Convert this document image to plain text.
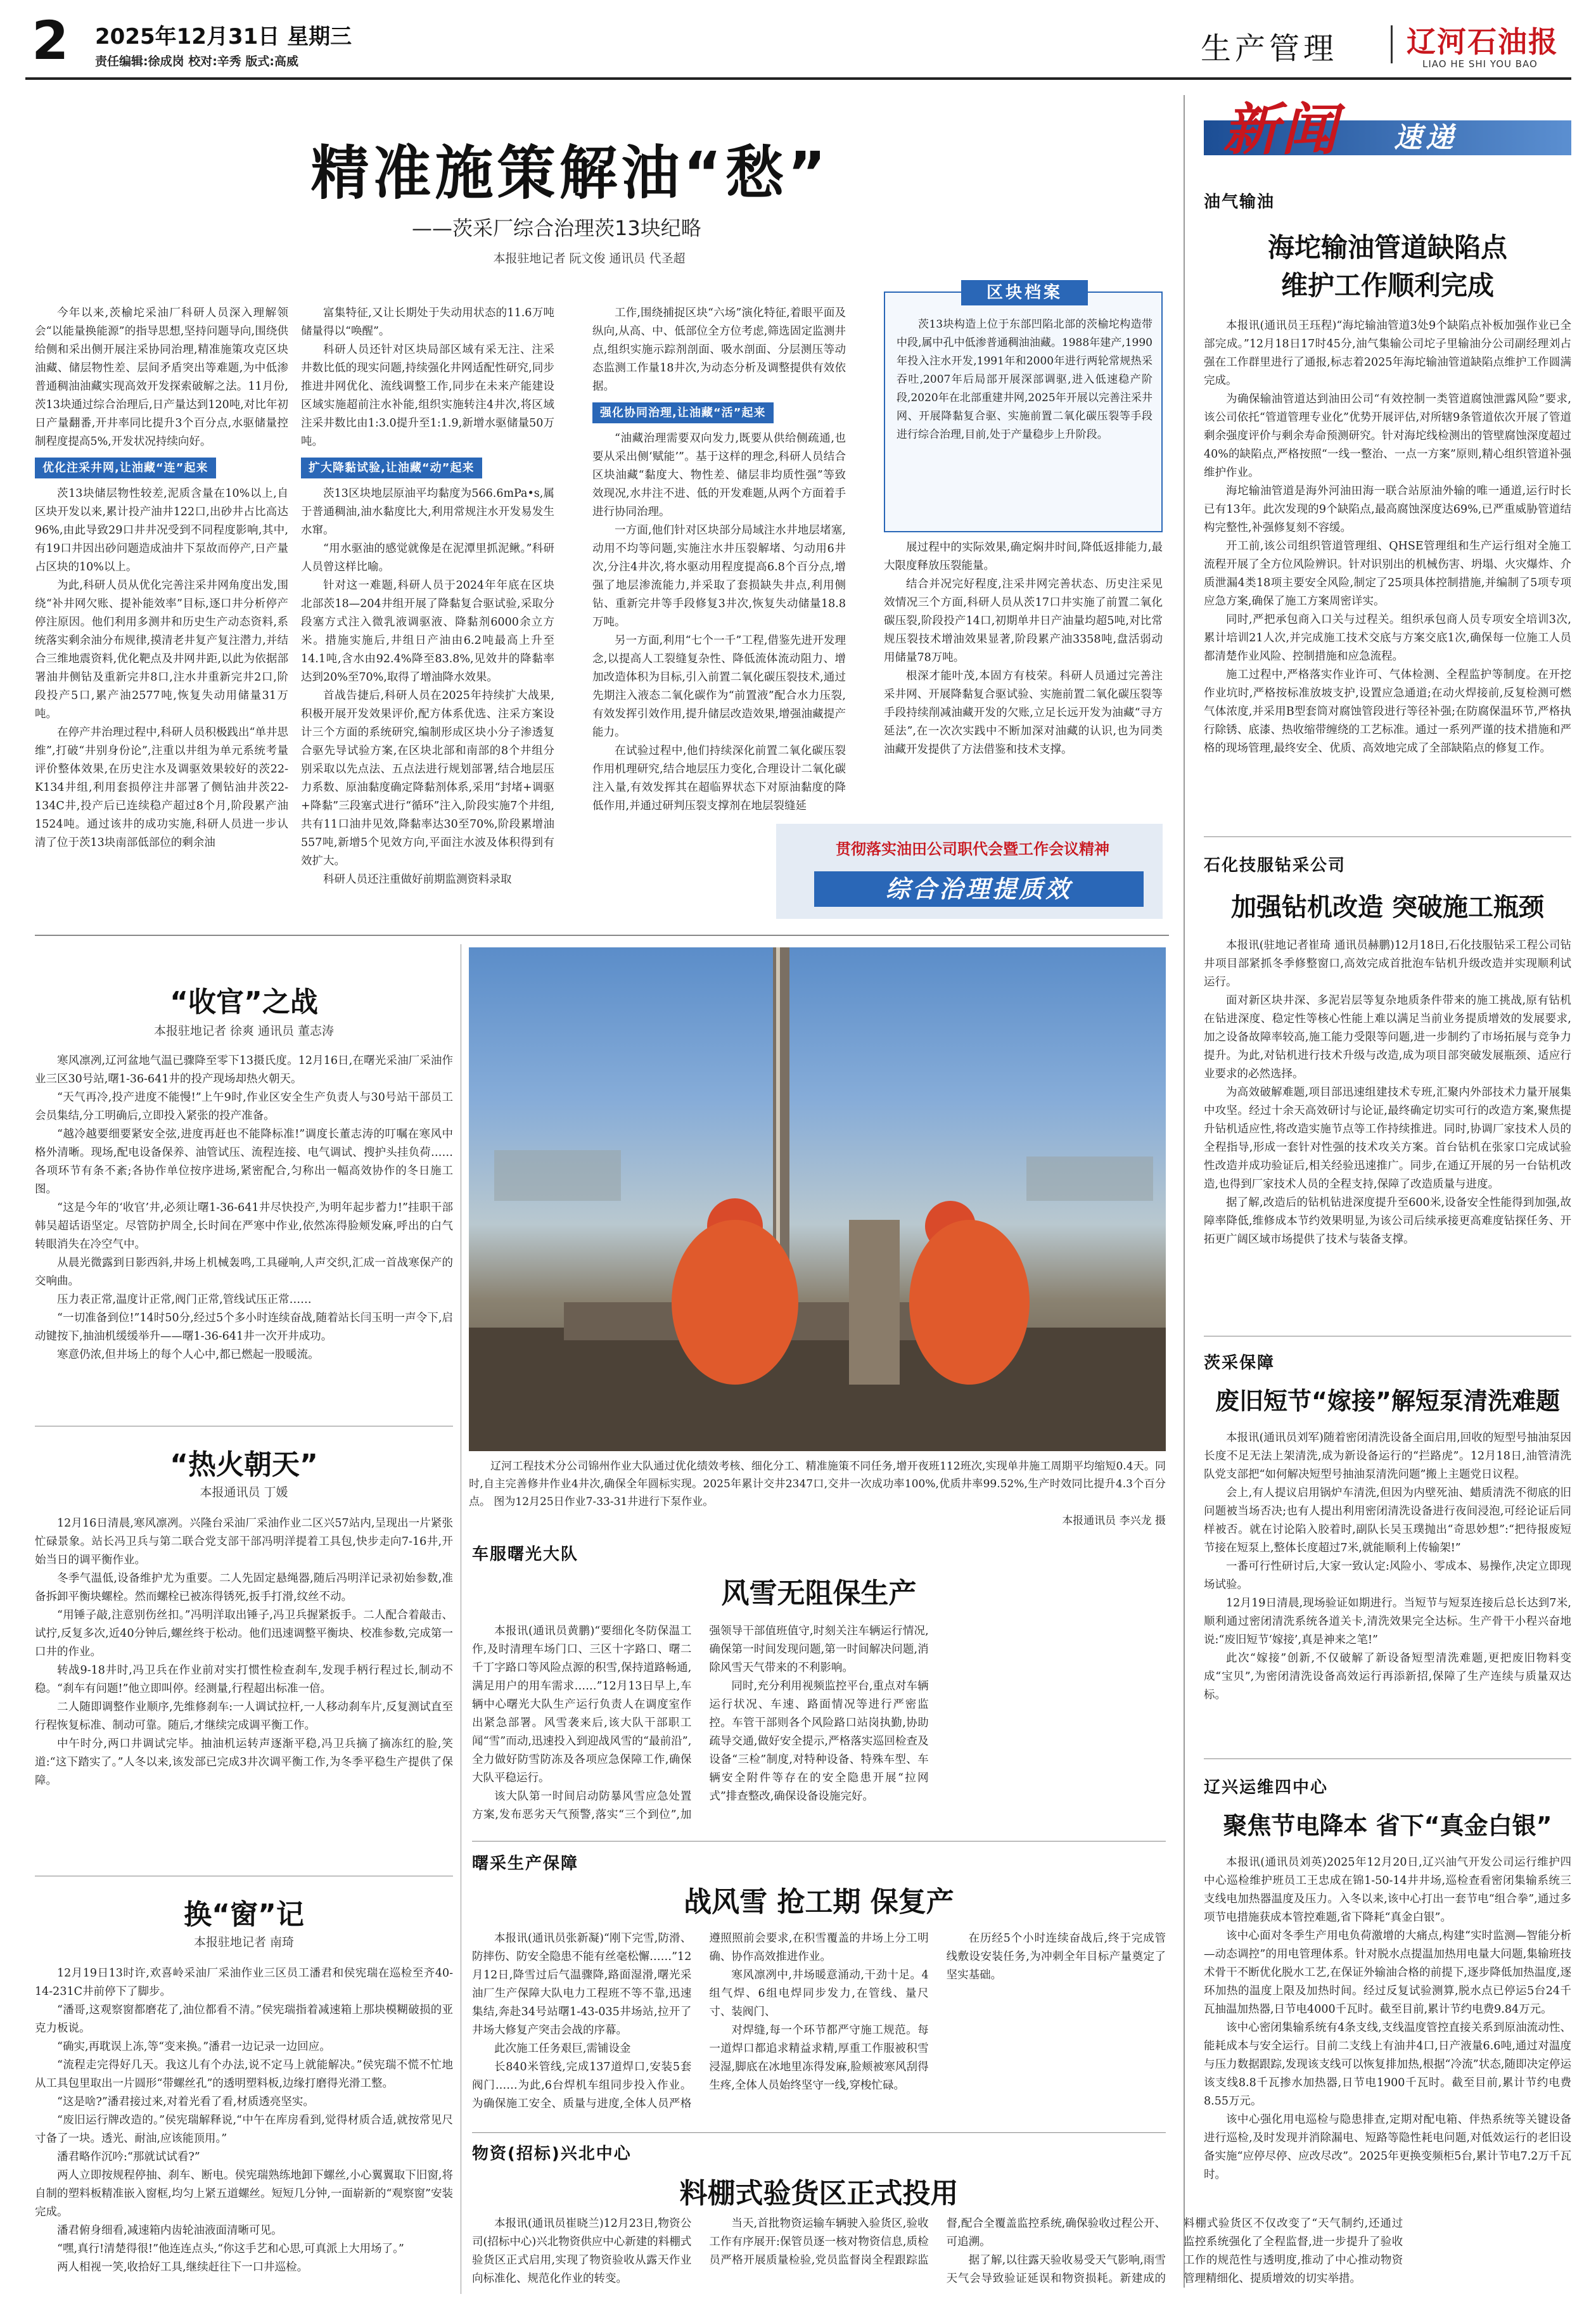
2 2025年12月31日 星期三
责任编辑:徐成岗 校对:辛秀 版式:高威	生产管理 辽河石油报
LIAO HE SHI YOU BAO
精准施策解油“愁”
——茨采厂综合治理茨13块纪略
本报驻地记者 阮文俊 通讯员 代圣超

今年以来,茨榆坨采油厂科研人员深入理解领会“以能量换能源”的指导思想,坚持问题导向,围绕供给侧和采出侧开展注采协同治理,精准施策攻克区块油藏、储层物性差、层间矛盾突出等难题,为中低渗普通稠油油藏实现高效开发探索破解之法。11月份,茨13块通过综合治理后,日产量达到120吨,对比年初日产量翻番,开井率同比提升3个百分点,水驱储量控制程度提高5%,开发状况持续向好。

优化注采井网,让油藏“连”起来

茨13块储层物性较差,泥质含量在10%以上,自区块开发以来,累计投产油井122口,出砂井占比高达96%,由此导致29口井井况受到不同程度影响,其中,有19口井因出砂问题造成油井下泵故而停产,日产量占区块的10%以上。

为此,科研人员从优化完善注采井网角度出发,围绕“补井网欠账、提补能效率”目标,逐口井分析停产停注原因。他们利用多测井和历史生产动态资料,系统落实剩余油分布规律,摸清老井复产复注潜力,并结合三维地震资料,优化靶点及井网井距,以此为依据部署油井侧钻及重新完井8口,注水井重新完井2口,阶段投产5口,累产油2577吨,恢复失动用储量31万吨。

在停产井治理过程中,科研人员积极践出“单井思维”,打破“井别身份论”,注重以井组为单元系统考量评价整体效果,在历史注水及调驱效果较好的茨22-K134井组,利用套损停注井部署了侧钻油井茨22-134C井,投产后已连续稳产超过8个月,阶段累产油1524吨。通过该井的成功实施,科研人员进一步认清了位于茨13块南部低部位的剩余油

富集特征,又让长期处于失动用状态的11.6万吨储量得以“唤醒”。

科研人员还针对区块局部区域有采无注、注采井数比低的现实问题,持续强化井网适配性研究,同步推进井网优化、流线调整工作,同步在未来产能建设区域实施超前注水补能,组织实施转注4井次,将区域注采井数比由1:3.0提升至1:1.9,新增水驱储量50万吨。

扩大降黏试验,让油藏“动”起来

茨13区块地层原油平均黏度为566.6mPa•s,属于普通稠油,油水黏度比大,利用常规注水开发易发生水窜。

“用水驱油的感觉就像是在泥潭里抓泥鳅。”科研人员曾这样比喻。

针对这一难题,科研人员于2024年年底在区块北部茨18—204井组开展了降黏复合驱试验,采取分段塞方式注入微乳液调驱液、降黏剂6000余立方米。措施实施后,井组日产油由6.2吨最高上升至14.1吨,含水由92.4%降至83.8%,见效井的降黏率达到20%至70%,取得了增油降水效果。

首战告捷后,科研人员在2025年持续扩大战果,积极开展开发效果评价,配方体系优选、注采方案设计三个方面的系统研究,编制形成区块小分子渗透复合驱先导试验方案,在区块北部和南部的8个井组分别采取以先点法、五点法进行规划部署,结合地层压力系数、原油黏度确定降黏剂体系,采用“封堵+调驱+降黏”三段塞式进行“循环”注入,阶段实施7个井组,共有11口油井见效,降黏率达30至70%,阶段累增油557吨,新增5个见效方向,平面注水波及体积得到有效扩大。

科研人员还注重做好前期监测资料录取

工作,围绕捕捉区块“六场”演化特征,着眼平面及纵向,从高、中、低部位全方位考虑,筛选固定监测井点,组织实施示踪剂剖面、吸水剖面、分层测压等动态监测工作量18井次,为动态分析及调整提供有效依据。

强化协同治理,让油藏“活”起来

“油藏治理需要双向发力,既要从供给侧疏通,也要从采出侧‘赋能’”。基于这样的理念,科研人员结合区块油藏“黏度大、物性差、储层非均质性强”等致效现况,水井注不进、低的开发难题,从两个方面着手进行协同治理。

一方面,他们针对区块部分局域注水井地层堵塞,动用不均等问题,实施注水井压裂解堵、匀动用6井次,分注4井次,将水驱动用程度提高6.8个百分点,增强了地层渗流能力,并采取了套损缺失井点,利用侧钻、重新完井等手段修复3井次,恢复失动储量18.8万吨。

另一方面,利用“七个一千”工程,借鉴先进开发理念,以提高人工裂缝复杂性、降低流体流动阻力、增加改造体积为目标,引入前置二氧化碳压裂技术,通过先期注入液态二氧化碳作为“前置液”配合水力压裂,有效发挥引效作用,提升储层改造效果,增强油藏提产能力。

在试验过程中,他们持续深化前置二氧化碳压裂作用机理研究,结合地层压力变化,合理设计二氧化碳注入量,有效发挥其在超临界状态下对原油黏度的降低作用,并通过研判压裂支撑剂在地层裂缝延

区块档案
茨13块构造上位于东部凹陷北部的茨榆坨构造带中段,属中孔中低渗普通稠油油藏。1988年建产,1990年投入注水开发,1991年和2000年进行两轮常规热采吞吐,2007年后局部开展深部调驱,进入低速稳产阶段,2020年在北部重建井网,2025年开展以完善注采井网、开展降黏复合驱、实施前置二氧化碳压裂等手段进行综合治理,目前,处于产量稳步上升阶段。

展过程中的实际效果,确定焖井时间,降低返排能力,最大限度释放压裂能量。

结合并况完好程度,注采井网完善状态、历史注采见效情况三个方面,科研人员从茨17口井实施了前置二氧化碳压裂,阶段投产14口,初期单井日产油量均超5吨,对比常规压裂技术增油效果显著,阶段累产油3358吨,盘活弱动用储量78万吨。

根深才能叶茂,本固方有枝荣。科研人员通过完善注采井网、开展降黏复合驱试验、实施前置二氧化碳压裂等手段持续削减油藏开发的欠账,立足长远开发为油藏“寻方延法”,在一次次实践中不断加深对油藏的认识,也为同类油藏开发提供了方法借鉴和技术支撑。

贯彻落实油田公司职代会暨工作会议精神
综合治理提质效
辽河工程技术分公司锦州作业大队通过优化绩效考核、细化分工、精准施策不同任务,增开夜班112班次,实现单井施工周期平均缩短0.4天。同时,自主完善修井作业4井次,确保全年圆标实现。2025年累计交井2347口,交井一次成功率100%,优质井率99.52%,生产时效同比提升4.3个百分点。 图为12月25日作业7-33-31井进行下泵作业。
本报通讯员 李兴龙 摄
“收官”之战
本报驻地记者 徐爽 通讯员 董志涛

寒风凛冽,辽河盆地气温已骤降至零下13摄氏度。12月16日,在曙光采油厂采油作业三区30号站,曙1-36-641井的投产现场却热火朝天。

“天气再冷,投产进度不能慢!”上午9时,作业区安全生产负责人与30号站干部员工会员集结,分工明确后,立即投入紧张的投产准备。

“越冷越要细要紧安全弦,进度再赶也不能降标准!”调度长董志涛的叮嘱在寒风中格外清晰。现场,配电设备保养、油管试压、流程连接、电气调试、搜护头挂负荷……各项环节有条不紊;各协作单位按序进场,紧密配合,匀称出一幅高效协作的冬日施工图。

“这是今年的‘收官’井,必须让曙1-36-641井尽快投产,为明年起步蓄力!”挂职干部韩吴超话语坚定。尽管防护周全,长时间在严寒中作业,依然冻得脸颊发麻,呼出的白气转眼消失在冷空气中。

从晨光微露到日影西斜,井场上机械轰鸣,工具碰响,人声交织,汇成一首战寒保产的交响曲。

压力表正常,温度计正常,阀门正常,管线试压正常……

“一切准备到位!”14时50分,经过5个多小时连续奋战,随着站长闫玉明一声令下,启动键按下,抽油机缓缓举升——曙1-36-641井一次开井成功。

寒意仍浓,但井场上的每个人心中,都已燃起一股暖流。

“热火朝天”
本报通讯员 丁媛

12月16日清晨,寒风凛冽。兴隆台采油厂采油作业二区兴57站内,呈现出一片紧张忙碌景象。站长冯卫兵与第二联合党支部干部冯明洋提着工具包,快步走向7-16井,开始当日的调平衡作业。

冬季气温低,设备维护尤为重要。二人先固定悬绳器,随后冯明洋记录初始参数,准备拆卸平衡块螺栓。然而螺栓已被冻得锈死,扳手打滑,纹丝不动。

“用锤子敲,注意别伤丝扣。”冯明洋取出锤子,冯卫兵握紧扳手。二人配合着敲击、试拧,反复多次,近40分钟后,螺丝终于松动。他们迅速调整平衡块、校准参数,完成第一口井的作业。

转战9-18井时,冯卫兵在作业前对实打惯性检查刹车,发现手柄行程过长,制动不稳。“刹车有问题!”他立即叫停。经测量,行程超出标准一倍。

二人随即调整作业顺序,先维修刹车:一人调试拉杆,一人移动刹车片,反复测试直至行程恢复标准、制动可靠。随后,才继续完成调平衡工作。

中午时分,两口井调试完毕。抽油机运转声逐渐平稳,冯卫兵摘了摘冻红的脸,笑道:“这下踏实了。”人冬以来,该发部已完成3井次调平衡工作,为冬季平稳生产提供了保障。

换“窗”记
本报驻地记者 南琦

12月19日13时许,欢喜岭采油厂采油作业三区员工潘君和侯宪瑞在巡检至齐40-14-231C井前停下了脚步。

“潘哥,这观察窗都磨花了,油位都看不清。”侯宪瑞指着减速箱上那块模糊破损的亚克力板说。

“确实,再耽误上冻,等“变来换。”潘君一边记录一边回应。

“流程走完得好几天。我这儿有个办法,说不定马上就能解决。”侯宪瑞不慌不忙地从工具包里取出一片圆形“带螺丝孔”的透明塑料板,边缘打磨得光滑工整。

“这是啥?”潘君接过来,对着光看了看,材质透亮坚实。

“废旧运行牌改造的。”侯宪瑞解释说,“中午在库房看到,觉得材质合适,就按常见尺寸备了一块。透光、耐油,应该能顶用。”

潘君略作沉吟:“那就试试看?”

两人立即按规程停抽、刹车、断电。侯宪瑞熟练地卸下螺丝,小心翼翼取下旧窗,将自制的塑料板精准嵌入窗框,均匀上紧五道螺丝。短短几分钟,一面崭新的“观察窗”安装完成。

潘君俯身细看,减速箱内齿轮油液面清晰可见。

“嘿,真行!清楚得很!”他连连点头,“你这手艺和心思,可真派上大用场了。”

两人相视一笑,收拾好工具,继续赶往下一口井巡检。

车服曙光大队
风雪无阻保生产

本报讯(通讯员黄鹏)“要细化冬防保温工作,及时清理车场门口、三区十字路口、曙二千丁字路口等风险点源的积雪,保持道路畅通,满足用户的用车需求……”12月13日早上,车辆中心曙光大队生产运行负责人在调度室作出紧急部署。风雪袭来后,该大队干部职工闻“雪”而动,迅速投入到迎战风雪的“最前沿”,全力做好防雪防冻及各项应急保障工作,确保大队平稳运行。

该大队第一时间启动防暴风雪应急处置方案,发布恶劣天气预警,落实“三个到位”,加强领导干部值班值守,时刻关注车辆运行情况,确保第一时间发现问题,第一时间解决问题,消除风雪天气带来的不利影响。

同时,充分利用视频监控平台,重点对车辆运行状况、车速、路面情况等进行严密监控。车管干部则各个风险路口站岗执勤,协助疏导交通,做好安全提示,严格落实巡回检查及设备“三检”制度,对特种设备、特殊车型、车辆安全附件等存在的安全隐患开展“拉网式”排查整改,确保设备设施完好。

曙采生产保障
战风雪 抢工期 保复产

本报讯(通讯员张新凝)“刚下完雪,防滑、防摔伤、防安全隐患不能有丝毫松懈……”12月12日,降雪过后气温骤降,路面湿滑,曙光采油厂生产保障大队电力工程班不等不靠,迅速集结,奔赴34号站曙1-43-035井场站,拉开了井场大修复产突击会战的序幕。

此次施工任务艰巨,需铺设金

长840米管线,完成137道焊口,安装5套阀门……为此,6台焊机车组同步投入作业。为确保施工安全、质量与进度,全体人员严格遵照照前会要求,在积雪覆盖的井场上分工明确、协作高效推进作业。

寒风凛冽中,井场暖意涌动,干劲十足。4组气焊、6组电焊同步发力,在管线、量尺寸、装阀门、

对焊缝,每一个环节都严守施工规范。每一道焊口都追求精益求精,厚重工作服被积雪浸湿,脚底在冰地里冻得发麻,脸颊被寒风刮得生疼,全体人员始终坚守一线,穿梭忙碌。

在历经5个小时连续奋战后,终于完成管线敷设安装任务,为冲刺全年目标产量奠定了坚实基础。

物资(招标)兴北中心
料棚式验货区正式投用

本报讯(通讯员崔晓兰)12月23日,物资公司(招标中心)兴北物资供应中心新建的料棚式验货区正式启用,实现了物资验收从露天作业向标准化、规范化作业的转变。

当天,首批物资运输车辆驶入验货区,验收工作有序展开:保管员逐一核对物资信息,质检员严格开展质量检验,党员监督岗全程跟踪监督,配合全覆盖监控系统,确保验收过程公开、可追溯。

据了解,以往露天验收易受天气影响,雨雪天气会导致验证延误和物资损耗。新建成的料棚式验货区不仅改变了“天气制约,还通过监控系统强化了全程监督,进一步提升了验收工作的规范性与透明度,推动了中心推动物资管理精细化、提质增效的切实举措。

新闻 速递
油气输油
海坨输油管道缺陷点
维护工作顺利完成

本报讯(通讯员王珏程)“海坨输油管道3处9个缺陷点补板加强作业已全部完成。”12月18日17时45分,油气集输公司坨子里输油分公司副经理刘占强在工作群里进行了通报,标志着2025年海坨输油管道缺陷点维护工作圆满完成。

为确保输油管道达到油田公司“有效控制一类管道腐蚀泄露风险”要求,该公司依托“管道管理专业化”优势开展评估,对所辖9条管道依次开展了管道剩余强度评价与剩余寿命预测研究。针对海坨线检测出的管壁腐蚀深度超过40%的缺陷点,严格按照“一线一整治、一点一方案”原则,精心组织管道补强维护作业。

海坨输油管道是海外河油田海一联合站原油外输的唯一通道,运行时长已有13年。此次发现的9个缺陷点,最高腐蚀深度达69%,已严重威胁管道结构完整性,补强修复刻不容缓。

开工前,该公司组织管道管理组、QHSE管理组和生产运行组对全施工流程开展了全方位风险辨识。针对识别出的机械伤害、坍塌、火灾爆炸、介质泄漏4类18项主要安全风险,制定了25项具体控制措施,并编制了5项专项应急方案,确保了施工方案周密详实。

同时,严把承包商入口关与过程关。组织承包商人员专项安全培训3次,累计培训21人次,并完成施工技术交底与方案交底1次,确保每一位施工人员都清楚作业风险、控制措施和应急流程。

施工过程中,严格落实作业许可、气体检测、全程监护等制度。在开挖作业坑时,严格按标准放坡支护,设置应急通道;在动火焊接前,反复检测可燃气体浓度,并采用B型套筒对腐蚀管段进行等径补强;在防腐保温环节,严格执行除锈、底漆、热收缩带缠绕的工艺标准。通过一系列严谨的技术措施和严格的现场管理,最终安全、优质、高效地完成了全部缺陷点的修复工作。

石化技服钻采公司
加强钻机改造 突破施工瓶颈

本报讯(驻地记者崔琦 通讯员赫鹏)12月18日,石化技服钻采工程公司钻井项目部紧抓冬季修整窗口,高效完成首批泡车钻机升级改造并实现顺利试运行。

面对新区块井深、多泥岩层等复杂地质条件带来的施工挑战,原有钻机在钻进深度、稳定性等核心性能上难以满足当前业务提质增效的发展要求,加之设备故障率较高,施工能力受限等问题,进一步制约了市场拓展与竞争力提升。为此,对钻机进行技术升级与改造,成为项目部突破发展瓶颈、适应行业要求的必然选择。

为高效破解难题,项目部迅速组建技术专班,汇聚内外部技术力量开展集中攻坚。经过十余天高效研讨与论证,最终确定切实可行的改造方案,聚焦提升钻机适应性,将改造实施节点等工作持续推进。同时,协调厂家技术人员的全程指导,形成一套针对性强的技术攻关方案。首台钻机在张家口完成试验性改造并成功验证后,相关经验迅速推广。同步,在通辽开展的另一台钻机改造,也得到厂家技术人员的全程支持,保障了改造质量与进度。

据了解,改造后的钻机钻进深度提升至600米,设备安全性能得到加强,故障率降低,维修成本节约效果明显,为该公司后续承接更高难度钻探任务、开拓更广阔区域市场提供了技术与装备支撑。

茨采保障
废旧短节“嫁接”解短泵清洗难题

本报讯(通讯员刘军)随着密闭清洗设备全面启用,回收的短型号抽油泵因长度不足无法上架清洗,成为新设备运行的“拦路虎”。12月18日,油管清洗队党支部把“如何解决短型号抽油泵清洗问题”搬上主题党日议程。

会上,有人提议启用锅炉车清洗,但因为内壁死油、蜡质清洗不彻底的旧问题被当场否决;也有人提出利用密闭清洗设备进行夜间浸泡,可经论证后同样被否。就在讨论陷入胶着时,副队长吴玉璞抛出“奇思妙想”:“把待报废短节接在短泵上,整体长度超过7米,就能顺利上传输架!”

一番可行性研讨后,大家一致认定:风险小、零成本、易操作,决定立即现场试验。

12月19日清晨,现场验证如期进行。当短节与短泵连接后总长达到7米,顺利通过密闭清洗系统各道关卡,清洗效果完全达标。生产骨干小程兴奋地说:“废旧短节‘嫁接’,真是神来之笔!”

此次“嫁接”创新,不仅破解了新设备短型清洗难题,更把废旧物料变成“宝贝”,为密闭清洗设备高效运行再添新招,保障了生产连续与质量双达标。

辽兴运维四中心
聚焦节电降本 省下“真金白银”

本报讯(通讯员刘英)2025年12月20日,辽兴油气开发公司运行维护四中心巡检维护班员工王忠成在锦1-50-14井井场,巡检查看密闭集输系统三支线电加热器温度及压力。入冬以来,该中心打出一套节电“组合拳”,通过多项节电措施获成本管控难题,省下降耗“真金白银”。

该中心面对冬季生产用电负荷激增的大痛点,构建“实时监测—智能分析—动态调控”的用电管理体系。针对脱水点提温加热用电量大问题,集输班技术骨干不断优化脱水工艺,在保证外输油合格的前提下,逐步降低加热温度,逐环加热的温度上限及加热时间。经过反复试验测算,脱水点已停运5台24千瓦抽温加热器,日节电4000千瓦时。截至目前,累计节约电费9.84万元。

该中心密闭集输系统有4条支线,支线温度管控直接关系到原油流动性、能耗成本与安全运行。目前二支线上有油井4口,日产液量6.6吨,通过对温度与压力数据跟踪,发现该支线可以恢复排加热,根据“冷流”状态,随即决定停运该支线8.8千瓦掺水加热器,日节电1900千瓦时。截至目前,累计节约电费8.55万元。

该中心强化用电巡检与隐患排查,定期对配电箱、伴热系统等关键设备进行巡检,及时发现并消除漏电、短路等隐性耗电问题,对低效运行的老旧设备实施“应停尽停、应改尽改”。2025年更换变频柜5台,累计节电7.2万千瓦时。
